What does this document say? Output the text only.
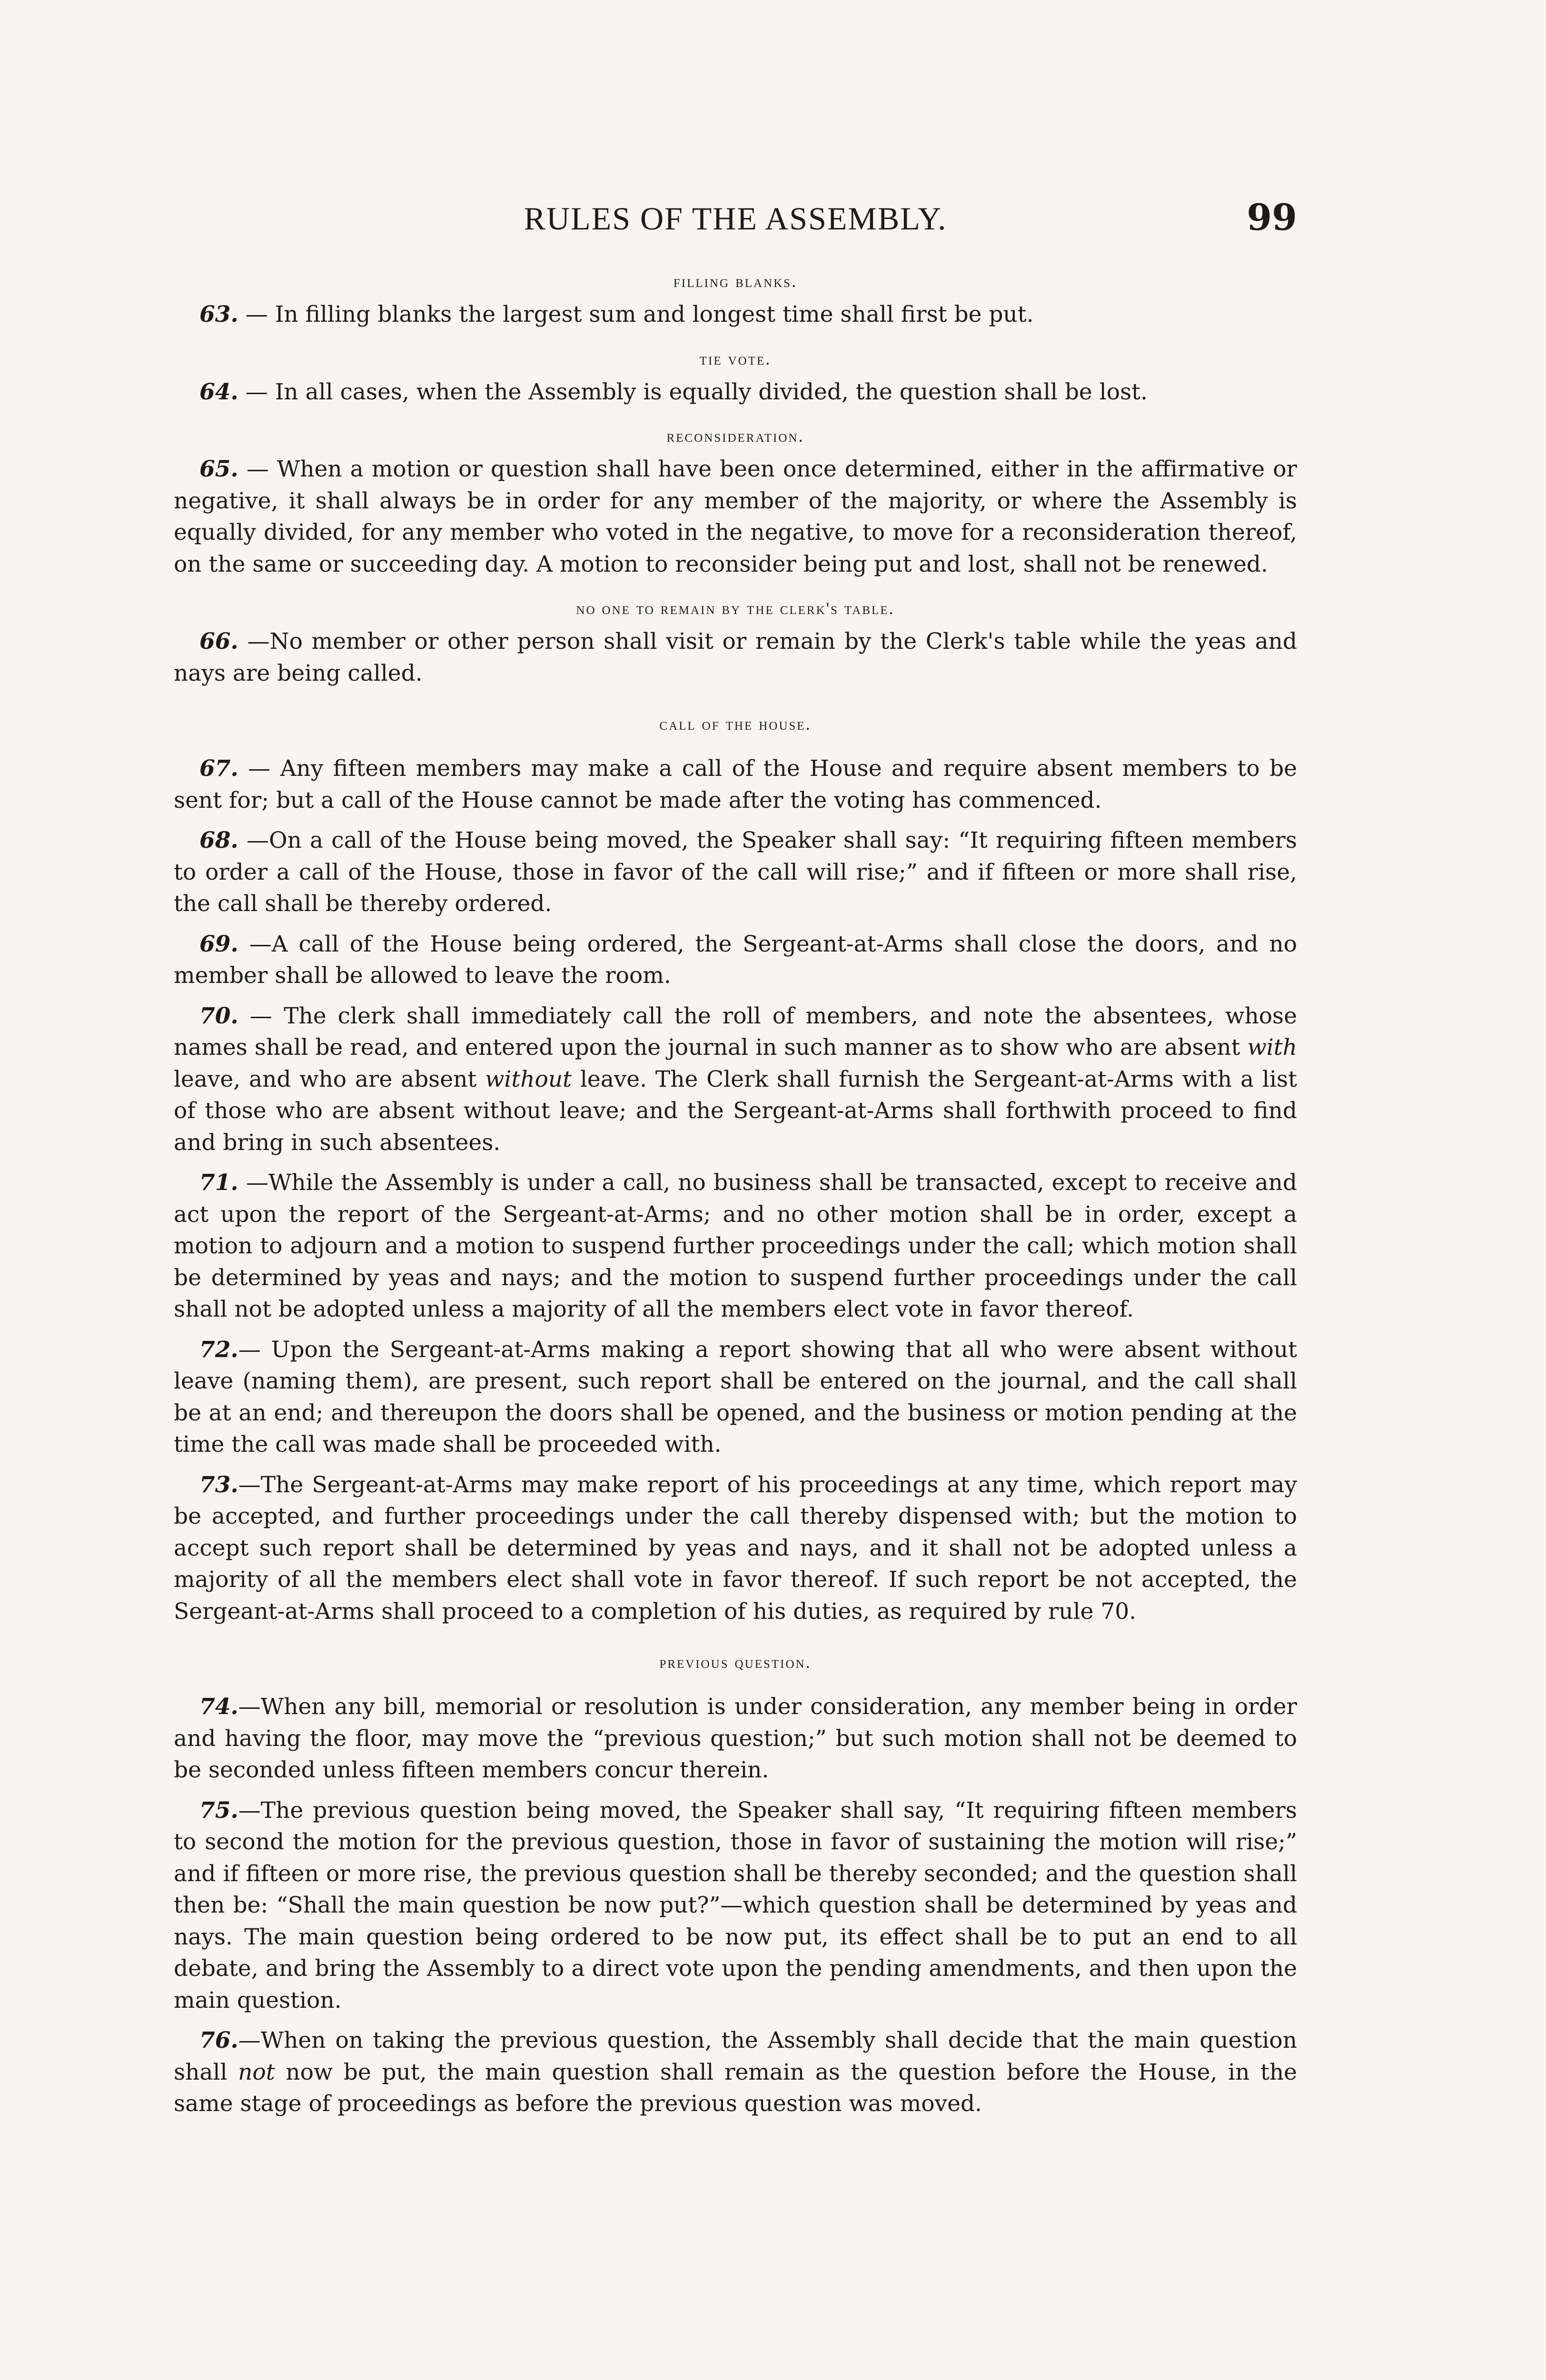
RULES OF THE ASSEMBLY.	99
filling blanks.

63. — In filling blanks the largest sum and longest time shall first be put.

tie vote.

64. — In all cases, when the Assembly is equally divided, the question shall be lost.

reconsideration.

65. — When a motion or question shall have been once determined, either in the affirmative or negative, it shall always be in order for any member of the majority, or where the Assembly is equally divided, for any member who voted in the negative, to move for a reconsideration thereof, on the same or succeeding day. A motion to reconsider being put and lost, shall not be renewed.

no one to remain by the clerk's table.

66. —No member or other person shall visit or remain by the Clerk's table while the yeas and nays are being called.

call of the house.

67. — Any fifteen members may make a call of the House and require absent members to be sent for; but a call of the House cannot be made after the voting has commenced.

68. —On a call of the House being moved, the Speaker shall say: “It requiring fifteen members to order a call of the House, those in favor of the call will rise;” and if fifteen or more shall rise, the call shall be thereby ordered.

69. —A call of the House being ordered, the Sergeant-at-Arms shall close the doors, and no member shall be allowed to leave the room.

70. — The clerk shall immediately call the roll of members, and note the absentees, whose names shall be read, and entered upon the journal in such manner as to show who are absent with leave, and who are absent without leave. The Clerk shall furnish the Sergeant-at-Arms with a list of those who are absent without leave; and the Sergeant-at-Arms shall forthwith proceed to find and bring in such absentees.

71. —While the Assembly is under a call, no business shall be transacted, except to receive and act upon the report of the Sergeant-at-Arms; and no other motion shall be in order, except a motion to adjourn and a motion to suspend further proceedings under the call; which motion shall be determined by yeas and nays; and the motion to suspend further proceedings under the call shall not be adopted unless a majority of all the members elect vote in favor thereof.

72.— Upon the Sergeant-at-Arms making a report showing that all who were absent without leave (naming them), are present, such report shall be entered on the journal, and the call shall be at an end; and thereupon the doors shall be opened, and the business or motion pending at the time the call was made shall be proceeded with.

73.—The Sergeant-at-Arms may make report of his proceedings at any time, which report may be accepted, and further proceedings under the call thereby dispensed with; but the motion to accept such report shall be determined by yeas and nays, and it shall not be adopted unless a majority of all the members elect shall vote in favor thereof. If such report be not accepted, the Sergeant-at-Arms shall proceed to a completion of his duties, as required by rule 70.

previous question.

74.—When any bill, memorial or resolution is under consideration, any member being in order and having the floor, may move the “previous question;” but such motion shall not be deemed to be seconded unless fifteen members concur therein.

75.—The previous question being moved, the Speaker shall say, “It requiring fifteen members to second the motion for the previous question, those in favor of sustaining the motion will rise;” and if fifteen or more rise, the previous question shall be thereby seconded; and the question shall then be: “Shall the main question be now put?”—which question shall be determined by yeas and nays. The main question being ordered to be now put, its effect shall be to put an end to all debate, and bring the Assembly to a direct vote upon the pending amendments, and then upon the main question.

76.—When on taking the previous question, the Assembly shall decide that the main question shall not now be put, the main question shall remain as the question before the House, in the same stage of proceedings as before the previous question was moved.
